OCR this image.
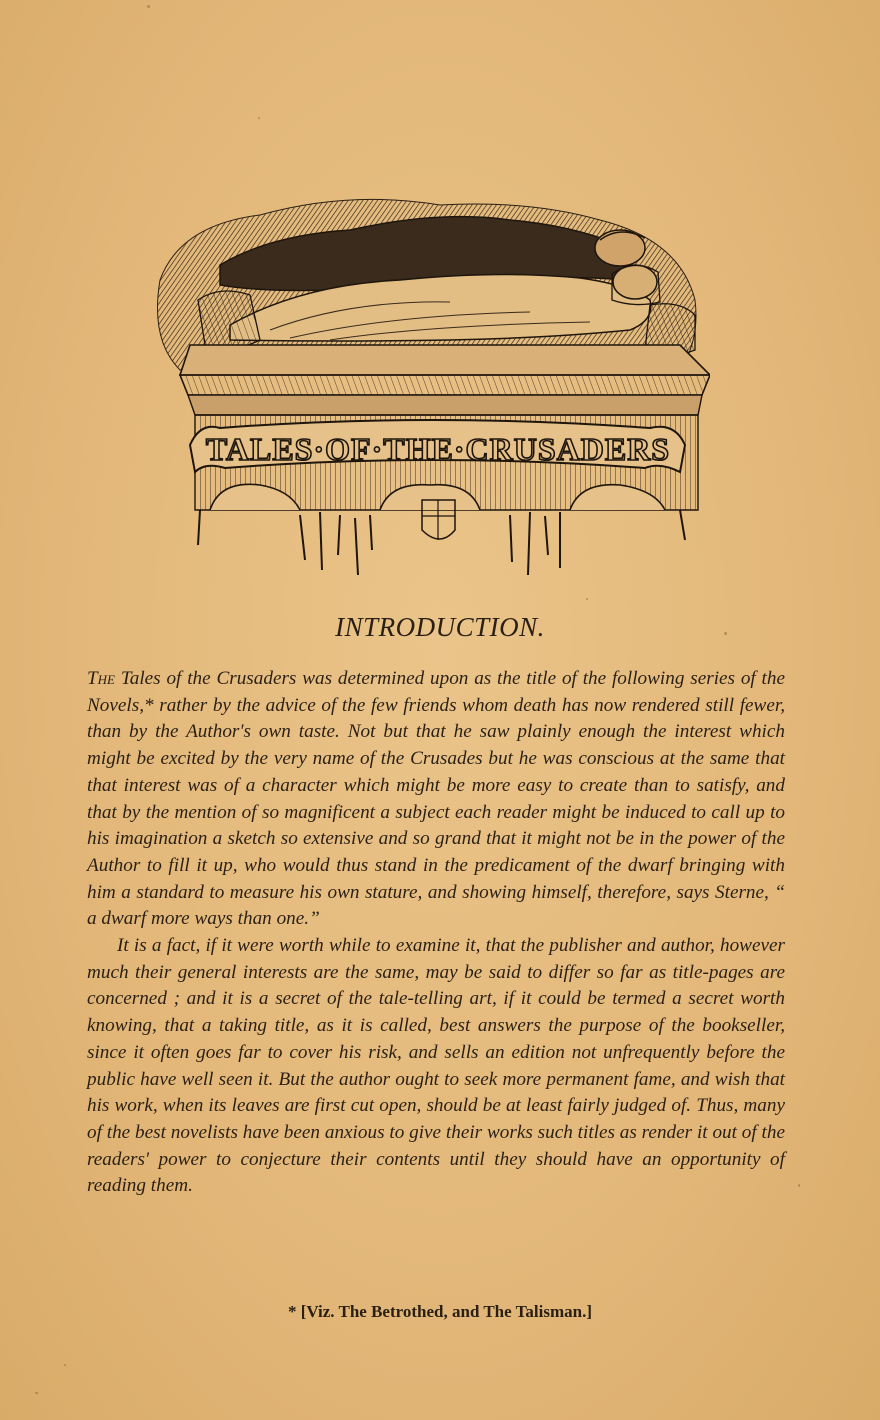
TALES·OF·THE·CRUSADERS
INTRODUCTION.

The Tales of the Crusaders was determined upon as the title of the following series of the Novels,* rather by the advice of the few friends whom death has now rendered still fewer, than by the Author's own taste. Not but that he saw plainly enough the interest which might be excited by the very name of the Crusades but he was conscious at the same that that interest was of a character which might be more easy to create than to satisfy, and that by the mention of so magnificent a subject each reader might be induced to call up to his imagination a sketch so extensive and so grand that it might not be in the power of the Author to fill it up, who would thus stand in the predicament of the dwarf bringing with him a standard to measure his own stature, and showing himself, therefore, says Sterne, “ a dwarf more ways than one.”

It is a fact, if it were worth while to examine it, that the publisher and author, however much their general interests are the same, may be said to differ so far as title-pages are concerned ; and it is a secret of the tale-telling art, if it could be termed a secret worth knowing, that a taking title, as it is called, best answers the purpose of the bookseller, since it often goes far to cover his risk, and sells an edition not unfrequently before the public have well seen it. But the author ought to seek more permanent fame, and wish that his work, when its leaves are first cut open, should be at least fairly judged of. Thus, many of the best novelists have been anxious to give their works such titles as render it out of the readers' power to conjecture their contents until they should have an opportunity of reading them.

* [Viz. The Betrothed, and The Talisman.]
